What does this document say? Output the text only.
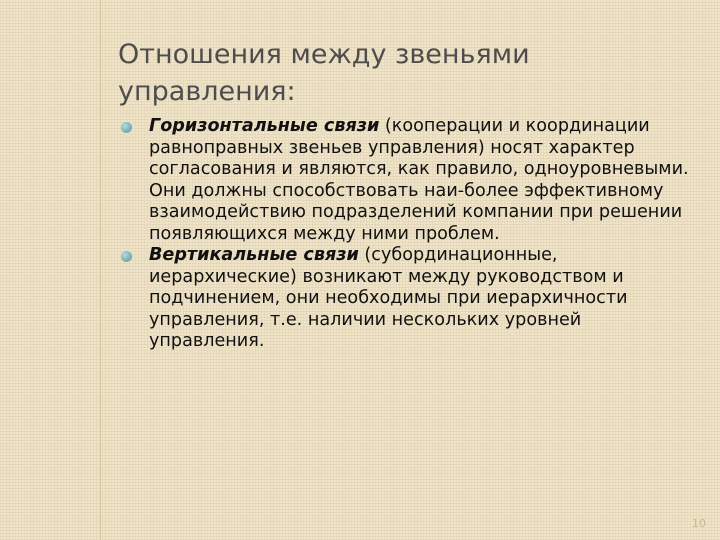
Отношения между звеньями управления:
Горизонтальные связи (кооперации и координации равноправных звеньев управления) носят характер согласования и являются, как правило, одноуровневыми. Они должны способствовать наи-более эффективному взаимодействию подразделений компании при решении появляющихся между ними проблем.
Вертикальные связи (субординационные, иерархические) возникают между руководством и подчинением, они необходимы при иерархичности управления, т.е. наличии нескольких уровней управления.
10
